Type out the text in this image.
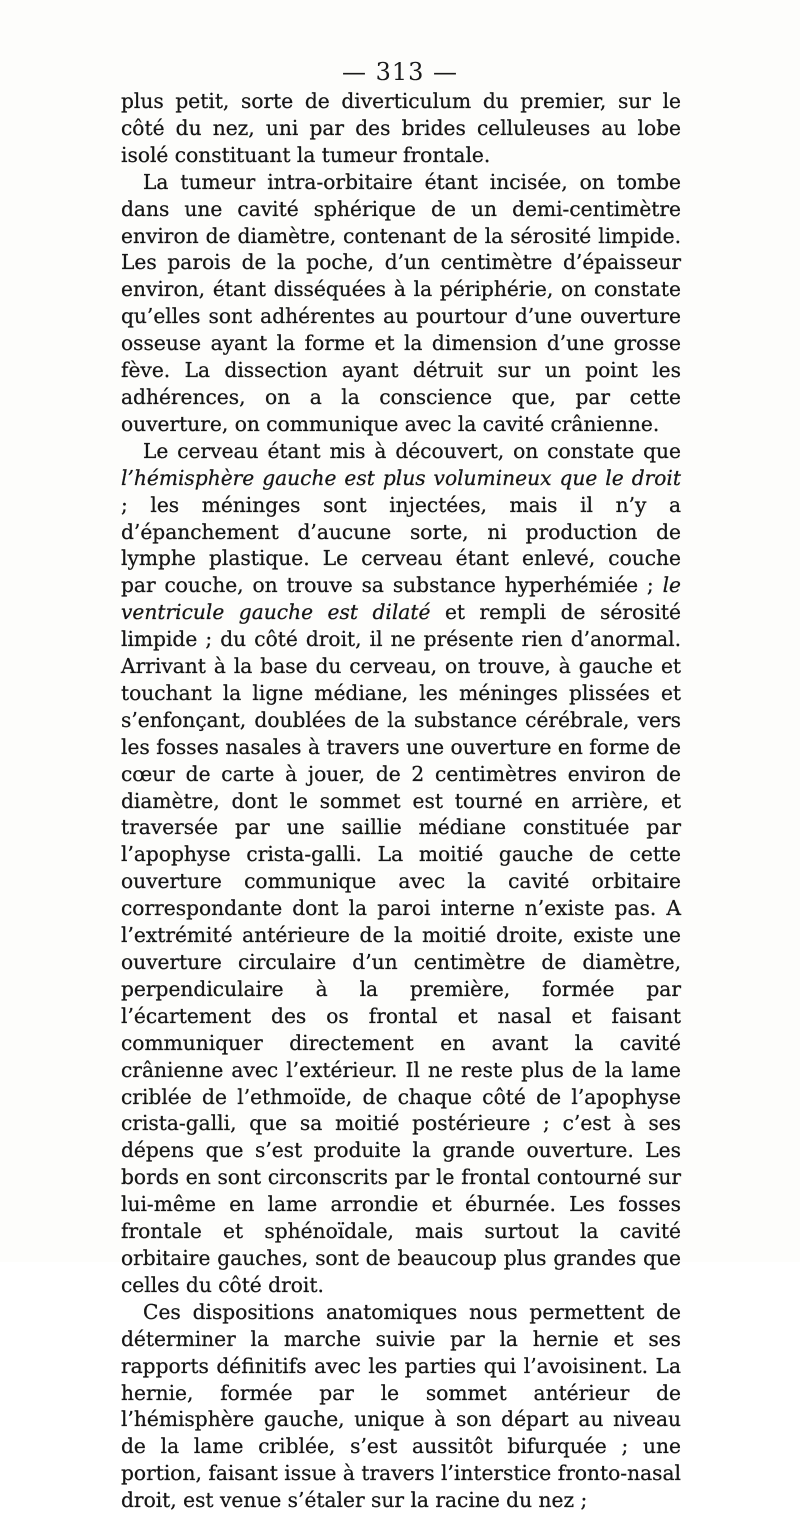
— 313 —

plus petit, sorte de diverticulum du premier, sur le côté du nez, uni par des brides celluleuses au lobe isolé constituant la tumeur frontale.

La tumeur intra-orbitaire étant incisée, on tombe dans une cavité sphérique de un demi-centimètre environ de diamètre, contenant de la sérosité limpide. Les parois de la poche, d’un centimètre d’épaisseur environ, étant disséquées à la périphérie, on constate qu’elles sont adhérentes au pourtour d’une ouverture osseuse ayant la forme et la dimension d’une grosse fève. La dissection ayant détruit sur un point les adhérences, on a la conscience que, par cette ouverture, on communique avec la cavité crânienne.

Le cerveau étant mis à découvert, on constate que l’hémisphère gauche est plus volumineux que le droit ; les méninges sont injectées, mais il n’y a d’épanchement d’aucune sorte, ni production de lymphe plastique. Le cerveau étant enlevé, couche par couche, on trouve sa substance hyperhémiée ; le ventricule gauche est dilaté et rempli de sérosité limpide ; du côté droit, il ne présente rien d’anormal. Arrivant à la base du cerveau, on trouve, à gauche et touchant la ligne médiane, les méninges plissées et s’enfonçant, doublées de la substance cérébrale, vers les fosses nasales à travers une ouverture en forme de cœur de carte à jouer, de 2 centimètres environ de diamètre, dont le sommet est tourné en arrière, et traversée par une saillie médiane constituée par l’apophyse crista-galli. La moitié gauche de cette ouverture communique avec la cavité orbitaire correspondante dont la paroi interne n’existe pas. A l’extrémité antérieure de la moitié droite, existe une ouverture circulaire d’un centimètre de diamètre, perpendiculaire à la première, formée par l’écartement des os frontal et nasal et faisant communiquer directement en avant la cavité crânienne avec l’extérieur. Il ne reste plus de la lame criblée de l’ethmoïde, de chaque côté de l’apophyse crista-galli, que sa moitié postérieure ; c’est à ses dépens que s’est produite la grande ouverture. Les bords en sont circonscrits par le frontal contourné sur lui-même en lame arrondie et éburnée. Les fosses frontale et sphénoïdale, mais surtout la cavité orbitaire gauches, sont de beaucoup plus grandes que celles du côté droit.

Ces dispositions anatomiques nous permettent de déterminer la marche suivie par la hernie et ses rapports définitifs avec les parties qui l’avoisinent. La hernie, formée par le sommet antérieur de l’hémisphère gauche, unique à son départ au niveau de la lame criblée, s’est aussitôt bifurquée ; une portion, faisant issue à travers l’interstice fronto-nasal droit, est venue s’étaler sur la racine du nez ;
